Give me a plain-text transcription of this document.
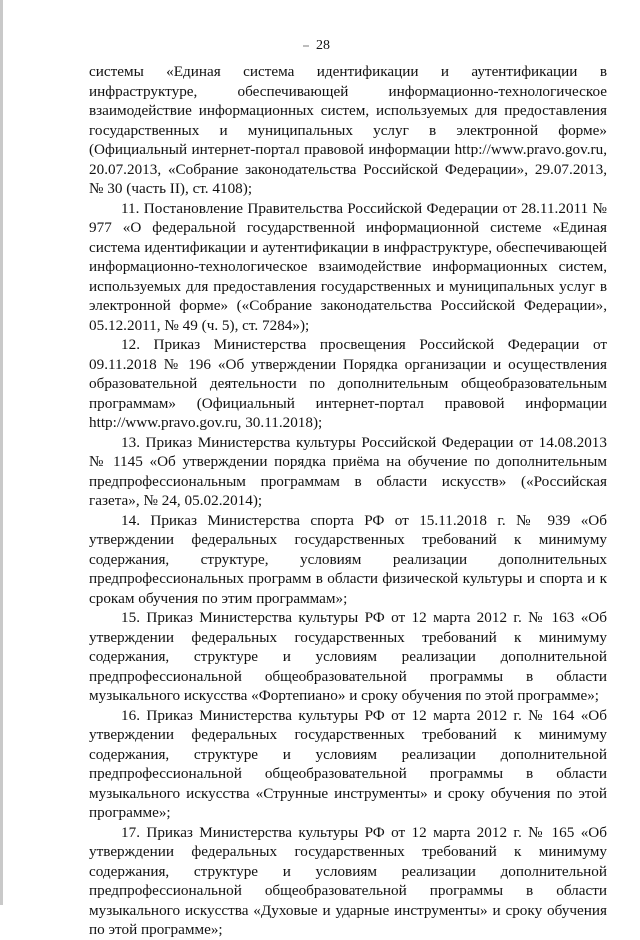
28

системы «Единая система идентификации и аутентификации в инфраструктуре, обеспечивающей информационно-технологическое взаимодействие информационных систем, используемых для предоставления государственных и муниципальных услуг в электронной форме» (Официальный интернет-портал правовой информации http://www.pravo.gov.ru, 20.07.2013, «Собрание законодательства Российской Федерации», 29.07.2013, № 30 (часть II), ст. 4108);

11. Постановление Правительства Российской Федерации от 28.11.2011 № 977 «О федеральной государственной информационной системе «Единая система идентификации и аутентификации в инфраструктуре, обеспечивающей информационно-технологическое взаимодействие информационных систем, используемых для предоставления государственных и муниципальных услуг в электронной форме» («Собрание законодательства Российской Федерации», 05.12.2011, № 49 (ч. 5), ст. 7284»);

12. Приказ Министерства просвещения Российской Федерации от 09.11.2018 № 196 «Об утверждении Порядка организации и осуществления образовательной деятельности по дополнительным общеобразовательным программам» (Официальный интернет-портал правовой информации http://www.pravo.gov.ru, 30.11.2018);

13. Приказ Министерства культуры Российской Федерации от 14.08.2013 № 1145 «Об утверждении порядка приёма на обучение по дополнительным предпрофессиональным программам в области искусств» («Российская газета», № 24, 05.02.2014);

14. Приказ Министерства спорта РФ от 15.11.2018 г. № 939 «Об утверждении федеральных государственных требований к минимуму содержания, структуре, условиям реализации дополнительных предпрофессиональных программ в области физической культуры и спорта и к срокам обучения по этим программам»;

15. Приказ Министерства культуры РФ от 12 марта 2012 г. № 163 «Об утверждении федеральных государственных требований к минимуму содержания, структуре и условиям реализации дополнительной предпрофессиональной общеобразовательной программы в области музыкального искусства «Фортепиано» и сроку обучения по этой программе»;

16. Приказ Министерства культуры РФ от 12 марта 2012 г. № 164 «Об утверждении федеральных государственных требований к минимуму содержания, структуре и условиям реализации дополнительной предпрофессиональной общеобразовательной программы в области музыкального искусства «Струнные инструменты» и сроку обучения по этой программе»;

17. Приказ Министерства культуры РФ от 12 марта 2012 г. № 165 «Об утверждении федеральных государственных требований к минимуму содержания, структуре и условиям реализации дополнительной предпрофессиональной общеобразовательной программы в области музыкального искусства «Духовые и ударные инструменты» и сроку обучения по этой программе»;
